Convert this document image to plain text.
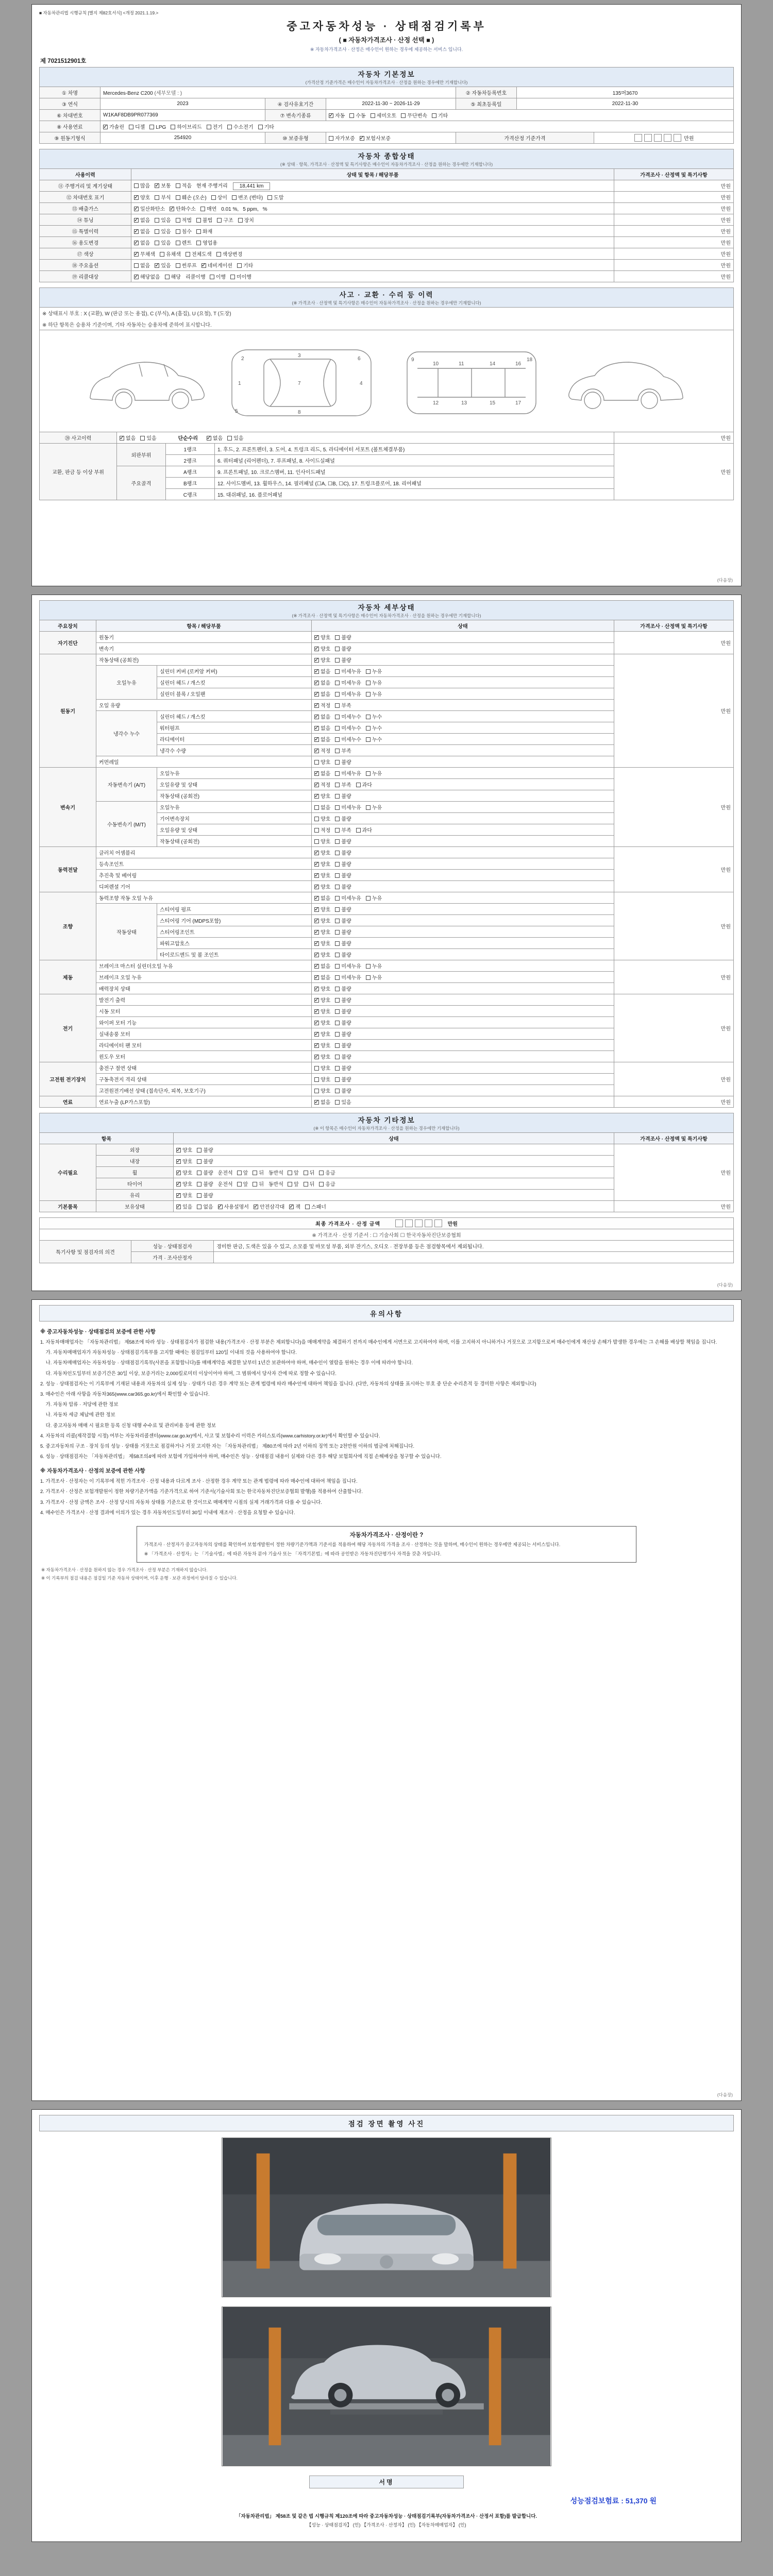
■ 자동차관리법 시행규칙 [별지 제82호서식] <개정 2021.1.19.>
중고자동차성능 · 상태점검기록부
( ■ 자동차가격조사 · 산정 선택 ■ )
※ 자동차가격조사 · 산정은 매수인이 원하는 경우에 제공하는 서비스 입니다.
제 7021512901호
자동차 기본정보
(가격산정 기준가격은 매수인이 자동차가격조사 · 산정을 원하는 경우에만 기재합니다)						

① 차명	Mercedes-Benz C200 (세부모델 : )			② 자동차등록번호	135머3670	
③ 연식	2023	④ 검사유효기간	2022-11-30 ~ 2026-11-29	⑤ 최초등록일	2022-11-30	
⑥ 차대번호	W1KAF8DB9PR077369	⑦ 변속기종류	✓자동 수동 세미오토 무단변속 기타
⑧ 사용연료	✓가솔린 디젤 LPG 하이브리드 전기 수소전기 기타
⑨ 원동기형식	254920	⑩ 보증유형	자가보증 ✓ 보험사보증	가격산정 기준가격		만원
자동차 종합상태
(※ 상태 · 항목, 가격조사 · 산정액 및 특기사항은 매수인이 자동차가격조사 · 산정을 원하는 경우에만 기재합니다)		

사용이력	상태 및 항목 / 해당부품	가격조사 · 산정액 및 특기사항
⑪ 주행거리 및 계기상태	많음 ✓ 보통 적음 현재 주행거리 18,441 km	만원
⑫ 차대번호 표기	✓양호 부식 훼손 (오손) 상이 변조 (변타) 도말	만원
⑬ 배출가스	✓일산화탄소 ✓ 탄화수소 매연 0.01 %, 5 ppm, %	만원
⑭ 튜닝	✓없음 있음 적법 불법 구조 장치	만원
⑮ 특별이력	✓없음 있음 침수 화재	만원
⑯ 용도변경	✓없음 있음 렌트 영업용	만원
⑰ 색상	✓무채색 유채색 전체도색 색상변경	만원
⑱ 주요옵션	없음 ✓ 있음 썬루프 ✓ 네비게이션 기타	만원
⑲ 리콜대상	✓해당없음 해당 리콜이행 이행 미이행	만원
사고 · 교환 · 수리 등 이력
(※ 가격조사 · 산정액 및 특기사항은 매수인이 자동차가격조사 · 산정을 원하는 경우에만 기재합니다)				

※ 상태표시 부호 : X (교환), W (판금 또는 용접), C (부식), A (흠집), U (요철), T (도장)				
※ 하단 항목은 승용차 기준이며, 기타 자동차는 승용차에 준하여 표시합니다.				

1
2
3
7
6
4
8
5
9
10	11
12	13
14
15
16
17
18

⑳ 사고이력	✓없음 있음 단순수리 ✓ 없음 있음			만원
교환, 판금 등 이상 부위	외판부위	1랭크	1. 후드, 2. 프론트펜더, 3. 도어, 4. 트렁크 리드, 5. 라디에이터 서포트 (볼트체결부품)	만원
		2랭크	6. 쿼터패널 (리어펜더), 7. 루프패널, 8. 사이드실패널	
	주요골격	A랭크	9. 프론트패널, 10. 크로스멤버, 11. 인사이드패널	
		B랭크	12. 사이드멤버, 13. 휠하우스, 14. 필러패널 (☐A, ☐B, ☐C), 17. 트렁크플로어, 18. 리어패널	
		C랭크	15. 대쉬패널, 16. 플로어패널	
(다음장)
자동차 세부상태
(※ 가격조사 · 산정액 및 특기사항은 매수인이 자동차가격조사 · 산정을 원하는 경우에만 기재합니다)				

주요장치	항목 / 해당부품		상태	가격조사 · 산정액 및 특기사항
자기진단	원동기	✓양호 불량	만원
	변속기	✓양호 불량
원동기	작동상태 (공회전)	✓양호 불량	만원
	오일누유	실린더 커버 (로커암 커버)	✓없음 미세누유 누유
		실린더 헤드 / 개스킷	✓없음 미세누유 누유
		실린더 블록 / 오일팬	✓없음 미세누유 누유
	오일 유량	✓적정 부족
	냉각수 누수	실린더 헤드 / 개스킷	✓없음 미세누수 누수
		워터펌프	✓없음 미세누수 누수
		라디에이터	✓없음 미세누수 누수
		냉각수 수량	✓적정 부족
	커먼레일		양호 불량	
변속기	자동변속기 (A/T)	오일누유	✓없음 미세누유 누유	만원
		오일유량 및 상태	✓적정 부족 과다
		작동상태 (공회전)	✓양호 불량
	수동변속기 (M/T)	오일누유	없음 미세누유 누유	
		기어변속장치	양호 불량	
		오일유량 및 상태	적정 부족 과다	
		작동상태 (공회전)	양호 불량	
동력전달	클러치 어셈블리	✓양호 불량	만원
	등속조인트	✓양호 불량
	추진축 및 베어링	✓양호 불량
	디퍼렌셜 기어	✓양호 불량
조향	동력조향 작동 오일 누유	✓없음 미세누유 누유	만원
	작동상태	스티어링 펌프	✓양호 불량
		스티어링 기어 (MDPS포함)	✓양호 불량
		스티어링조인트	✓양호 불량
		파워고압호스	✓양호 불량
		타이로드엔드 및 볼 조인트	✓양호 불량
제동	브레이크 마스터 실린더오일 누유	✓없음 미세누유 누유	만원
	브레이크 오일 누유	✓없음 미세누유 누유
	배력장치 상태	✓양호 불량
전기	발전기 출력	✓양호 불량	만원
	시동 모터	✓양호 불량
	와이퍼 모터 기능	✓양호 불량
	실내송풍 모터	✓양호 불량
	라디에이터 팬 모터	✓양호 불량
	윈도우 모터	✓양호 불량
고전원 전기장치	충전구 절연 상태		양호 불량	만원
	구동축전지 격리 상태		양호 불량	
	고전원전기배선 상태 (접속단자, 피복, 보호기구)		양호 불량	
연료	연료누출 (LP가스포함)	✓없음 있음	만원
자동차 기타정보
(※ 이 항목은 매수인이 자동차가격조사 · 산정을 원하는 경우에만 기재합니다)			

항목		상태	가격조사 · 산정액 및 특기사항
수리필요	외장	✓양호 불량	만원
	내장	✓양호 불량
	휠	✓양호 불량 운전석 앞 뒤 동반석 앞 뒤 응급
	타이어	✓양호 불량 운전석 앞 뒤 동반석 앞 뒤 응급
	유리	✓양호 불량
기본품목	보유상태	✓있음 없음 ✓ 사용설명서 ✓ 안전삼각대 ✓ 잭 스패너	만원
최종 가격조사 · 산정 금액 만원		
※ 가격조사 · 산정 기준서 : ☐ 기술사회 ☐ 한국자동차진단보증협회		
특기사항 및 점검자의 의견	성능 · 상태점검자	경미한 판금, 도색은 있을 수 있고, 소모품 및 마모성 부품, 외부 잔기스, 오디오 · 전장부품 등은 점검항목에서 제외됩니다.
	가격 · 조사산정자	
(다음장)
유의사항
※ 중고자동차성능 · 상태점검의 보증에 관한 사항
1. 자동차매매업자는 「자동차관리법」 제58조에 따라 성능 · 상태점검자가 점검한 내용(가격조사 · 산정 부분은 제외합니다)을 매매계약을 체결하기 전까지 매수인에게 서면으로 고지하여야 하며, 이를 고지하지 아니하거나 거짓으로 고지함으로써 매수인에게 재산상 손해가 발생한 경우에는 그 손해를 배상할 책임을 집니다.
가. 자동차매매업자가 자동차성능 · 상태점검기록부를 고지할 때에는 점검일부터 120일 이내의 것을 사용하여야 합니다.
나. 자동차매매업자는 자동차성능 · 상태점검기록부(사본을 포함합니다)를 매매계약을 체결한 날부터 1년간 보관하여야 하며, 매수인이 열람을 원하는 경우 이에 따라야 합니다.
다. 자동차인도일부터 보증기간은 30일 이상, 보증거리는 2,000킬로미터 이상이어야 하며, 그 범위에서 당사자 간에 따로 정할 수 있습니다.
2. 성능 · 상태점검자는 이 기록부에 기재된 내용과 자동차의 실제 성능 · 상태가 다른 경우 계약 또는 관계 법령에 따라 매수인에 대하여 책임을 집니다. (다만, 자동차의 상태를 표시하는 부호 중 단순 수리흔적 등 경미한 사항은 제외합니다)
3. 매수인은 아래 사항을 자동차365(www.car365.go.kr)에서 확인할 수 있습니다.
가. 자동차 압류 · 저당에 관한 정보
나. 자동차 세금 체납에 관한 정보
다. 중고자동차 매매 시 필요한 등록 신청 대행 수수료 및 관리비용 등에 관한 정보
4. 자동차의 리콜(제작결함 시정) 여부는 자동차리콜센터(www.car.go.kr)에서, 사고 및 보험수리 이력은 카히스토리(www.carhistory.or.kr)에서 확인할 수 있습니다.
5. 중고자동차의 구조 · 장치 등의 성능 · 상태를 거짓으로 점검하거나 거짓 고지한 자는 「자동차관리법」 제80조에 따라 2년 이하의 징역 또는 2천만원 이하의 벌금에 처해집니다.
6. 성능 · 상태점검자는 「자동차관리법」 제58조의4에 따라 보험에 가입하여야 하며, 매수인은 성능 · 상태점검 내용이 실제와 다른 경우 해당 보험회사에 직접 손해배상을 청구할 수 있습니다.
※ 자동차가격조사 · 산정의 보증에 관한 사항
1. 가격조사 · 산정자는 이 기록부에 적힌 가격조사 · 산정 내용과 다르게 조사 · 산정한 경우 계약 또는 관계 법령에 따라 매수인에 대하여 책임을 집니다.
2. 가격조사 · 산정은 보험개발원이 정한 차량기준가액을 기준가격으로 하여 기준서(기술사회 또는 한국자동차진단보증협회 발행)를 적용하여 산출합니다.
3. 가격조사 · 산정 금액은 조사 · 산정 당시의 자동차 상태를 기준으로 한 것이므로 매매계약 시점의 실제 거래가격과 다를 수 있습니다.
4. 매수인은 가격조사 · 산정 결과에 이의가 있는 경우 자동차인도일부터 30일 이내에 재조사 · 산정을 요청할 수 있습니다.
자동차가격조사 · 산정이란 ?
가격조사 · 산정자가 중고자동차의 상태를 확인하여 보험개발원이 정한 차량기준가액과 기준서를 적용하여 해당 자동차의 가격을 조사 · 산정하는 것을 말하며, 매수인이 원하는 경우에만 제공되는 서비스입니다.
※ 「가격조사 · 산정자」는 「기술사법」에 따른 자동차 분야 기술사 또는 「자격기본법」에 따라 공인받은 자동차진단평가사 자격을 갖춘 자입니다.
※ 자동차가격조사 · 산정을 원하지 않는 경우 가격조사 · 산정 부분은 기재하지 않습니다.
※ 이 기록부의 점검 내용은 점검일 기준 자동차 상태이며, 이후 운행 · 보관 과정에서 달라질 수 있습니다.
(다음장)
점검 장면 촬영 사진
서명
성능점검보험료 : 51,370 원
「자동차관리법」 제58조 및 같은 법 시행규칙 제120조에 따라 중고자동차성능 · 상태점검기록부(자동차가격조사 · 산정서 포함)를 발급합니다.
【성능 · 상태점검자】 (인) 【가격조사 · 산정자】 (인) 【자동차매매업자】 (인)
